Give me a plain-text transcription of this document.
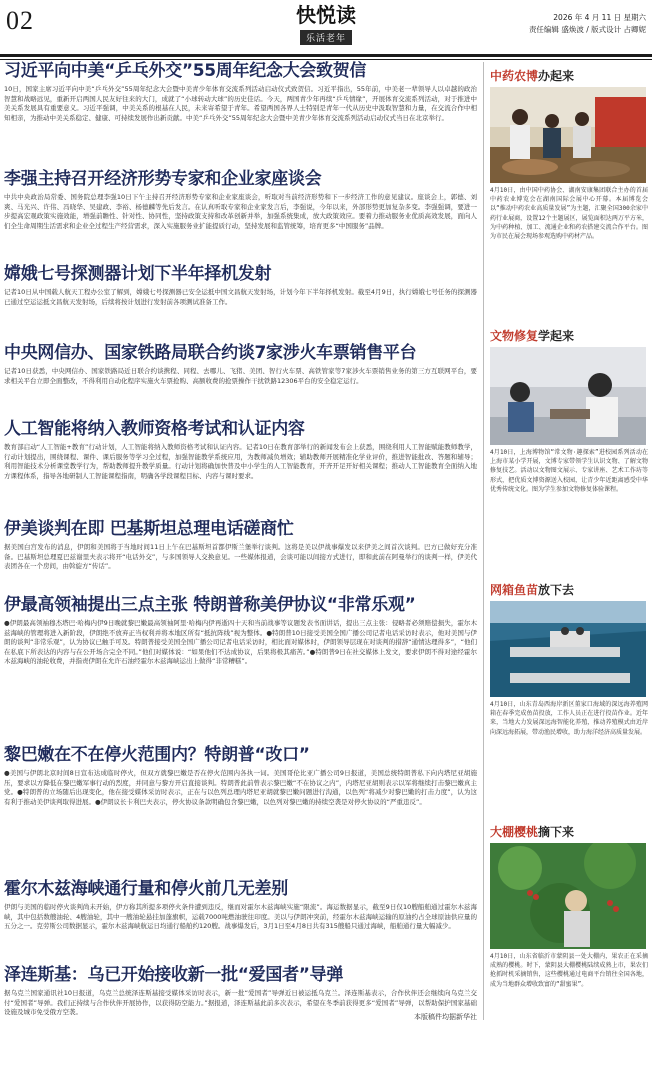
02	快悦读
乐活老年
2026 年 4 月 11 日 星期六
责任编辑 盛焕波 / 版式设计 占卿妮
习近平向中美“乒乓外交”55周年纪念大会致贺信

10日，国家主席习近平向中美“乒乓外交”55周年纪念大会暨中美青少年体育交流系列活动启动仪式致贺信。习近平指出，55年前，中美老一辈领导人以卓越的政治智慧和战略远见，重新开启两国人民友好往来的大门，成就了“小球转动大球”的历史佳话。今天，两国青少年再续“乒乓情缘”，开展体育交流系列活动，对于推进中美关系发展具有重要意义。习近平强调，中美关系的根基在人民，未来寄希望于青年。希望两国各界人士特别是青年一代从历史中汲取智慧和力量，在交流合作中相知相亲，为推动中美关系稳定、健康、可持续发展作出新贡献。中美“乒乓外交”55周年纪念大会暨中美青少年体育交流系列活动启动仪式当日在北京举行。

李强主持召开经济形势专家和企业家座谈会

中共中央政治局常委、国务院总理李强10日下午主持召开经济形势专家和企业家座谈会，听取对当前经济形势和下一步经济工作的意见建议。座谈会上，郭德、刘爽、马光兴、许伟、冯晓华、吴建政、李裕、杨德麟等先后发言。在认真听取专家和企业家发言后，李强说，今年以来，外部形势更加复杂多变。李强强调，要进一步提高宏观政策实施效能，增强前瞻性、针对性、协同性，坚持政策支持和改革创新并举，加强系统集成，放大政策效应。要着力推动服务业优质高效发展，面向人们全生命周期生活需求和企业全过程生产经营需求，深入实施服务业扩能提质行动，坚持发展和监管统筹，培育更多“中国服务”品牌。

嫦娥七号探测器计划下半年择机发射

记者10日从中国载人航天工程办公室了解到，嫦娥七号探测器已安全运抵中国文昌航天发射场，计划今年下半年择机发射。截至4月9日，执行嫦娥七号任务的探测器已通过空运运抵文昌航天发射场，后续将按计划进行发射前各项测试准备工作。

中央网信办、国家铁路局联合约谈7家涉火车票销售平台

记者10日获悉，中央网信办、国家铁路局近日联合约谈携程、同程、去哪儿、飞猪、美团、智行火车票、高铁管家等7家涉火车票销售业务的第三方互联网平台，要求相关平台立即全面整改，不得利用自动化程序实施火车票抢购、高额收费的抢票操作干扰铁路12306平台的安全稳定运行。

人工智能将纳入教师资格考试和认证内容

教育部启动“人工智能+教育”行动计划，人工智能将纳入教师资格考试和认证内容。记者10日在教育部举行的新闻发布会上获悉，围绕利用人工智能赋能教师教学，行动计划提出，围绕课程、课件、课后服务等学习全过程，加强智能教学系统应用，为教师减负增效；辅助教师开展精准化学业评价，推进智能批改、答题和辅导；利用智能技术分析课堂教学行为，帮助教师提升教学质量。行动计划将确加快普及中小学生的人工智能教育，开齐开足开好相关课程；推动人工智能教育全面纳入地方课程体系，指导各地研制人工智能课程指南，明确各学段课程目标、内容与课时要求。

伊美谈判在即 巴基斯坦总理电话磋商忙

据美国白宫发布的消息，伊朗和美国将于当地时间11日上午在巴基斯坦首都伊斯兰堡举行谈判。这将是美以伊战事爆发以来伊美之间首次谈判。巴方已做好充分准备。巴基斯坦总理夏巴兹谢里夫表示将开“电话外交”，与多国领导人交换意见。一些媒体报道，会谈可能以间接方式进行，即和此前在阿曼举行的谈判一样，伊美代表团各在一个房间，由斡旋方“传话”。

伊最高领袖提出三点主张 特朗普称美伊协议“非常乐观”

●伊朗最高领袖穆杰塔巴·哈梅内伊9日晚就黎巴嫩最高领袖阿里·哈梅内伊再逝四十天和当前战事等议题发表书面讲话，提出三点主张：侵略者必须赔偿损失，霍尔木兹海峡的管理将进入新阶段，伊朗绝不放弃正当权利并将本地区所有“抵抗阵线”视为整体。●特朗普10日接受美国全国广播公司记者电话采访时表示，他对美国与伊朗的谈判“非常乐观”，认为协议已触手可及。特朗普接受美国全国广播公司记者电话采访时，相比面对媒体时，伊朗领导层现在对谈判的措辞“通情达理得多”，“他们在私底下所表达的内容与在公开场合完全不同。”他们对媒体说：“如果他们不达成协议，后果将极其痛苦。”●特朗普9日在社交媒体上发文，要求伊朗不得对途经霍尔木兹海峡的油轮收费，并指责伊朗在允许石油经霍尔木兹海峡运出上做得“非常糟糕”。

黎巴嫩在不在停火范围内？特朗普“改口”

●美国与伊朗北京时间8日宣布达成临时停火，但双方就黎巴嫩是否在停火范围内各执一词。美国哥伦比亚广播公司9日报道，美国总统特朗普私下向内塔尼亚胡施压，要求以方降低在黎巴嫩军事行动的烈度，并同意与黎方开启直接谈判。特朗普此前曾表示黎巴嫩“不在协议之内”，内塔尼亚胡则表示以军将继续打击黎巴嫩真主党。●特朗普的立场随后出现变化，他在接受媒体采访时表示，正在与以色列总理内塔尼亚胡就黎巴嫩问题进行沟通，以色列“将减少对黎巴嫩的打击力度”，认为这有利于推动美伊谈判取得进展。●伊朗议长卡利巴夫表示，停火协议条款明确包含黎巴嫩，以色列对黎巴嫩的持续空袭是对停火协议的“严重违反”。

霍尔木兹海峡通行量和停火前几无差别

伊朗与美国的临时停火谈判尚未开始，伊方称其所提多项停火条件遭到违反，继而对霍尔木兹海峡实施“限流”。海运数据显示，截至9日仅10艘船舶通过霍尔木兹海峡，其中包括数艘油轮、4艘油轮，其中一艘油轮悬挂加蓬旗帜，运载7000吨燃油驶往印度。美以与伊朗冲突前，经霍尔木兹海峡运输的原油约占全球原油供应量的五分之一。克劳斯公司数据显示，霍尔木兹海峡航运日均通行船舶约120艘。战事爆发后，3月1日至4月8日共有315艘船只通过海峡，船舶通行量大幅减少。

泽连斯基：乌已开始接收新一批“爱国者”导弹

据乌克兰国家通讯社10日报道，乌克兰总统泽连斯基接受媒体采访时表示，新一批“爱国者”导弹近日被运抵乌克兰。泽连斯基表示，合作伙伴还会继续向乌克兰交付“爱国者”导弹。我们正持续与合作伙伴开展协作，以获得防空能力。”据报道，泽连斯基此前多次表示，希望在冬季前获得更多“爱国者”导弹，以帮助保护国家基础设施及城市免受俄方空袭。

本版稿件均据新华社
中药农博办起来

4月10日，由中国中药协会、湖南安康集团联合主办的首届中药农业博览会在湖南国际会展中心开幕。本届博览会以“推动中药农业高质量发展”为主题，汇聚全国300余家中药行业展商，设置12个主题展区，展览面积达两万平方米，为中药种植、加工、流通企业和药农搭建交流合作平台。图为市民在展会现场参观选购中药材产品。

文物修复学起来

4月10日，上海博物馆“常文物·趣探索”进校园系列活动在上海市某小学开展，文博专家带领学生认识文物、了解文物修复技艺。活动以文物图文展示、专家讲座、艺术工作坊等形式，把优质文博资源送入校园，让青少年近距离感受中华优秀传统文化。图为学生参加文物修复体验课程。

网箱鱼苗放下去

4月10日，山东青岛西海岸新区董家口海域的深远海养殖网箱在春季完成鱼苗投放，工作人员正在进行投苗作业。近年来，当地大力发展深远海智能化养殖，推动养殖模式由近岸向深远海拓展，带动渔民增收，助力海洋经济高质量发展。

大棚樱桃摘下来

4月10日，山东省临沂市蒙阴县一处大棚内，果农正在采摘成熟的樱桃。时下，蒙阴县大棚樱桃陆续成熟上市，果农们抢抓时机采摘销售，这些樱桃通过电商平台销往全国各地，成为当地群众增收致富的“甜蜜果”。
